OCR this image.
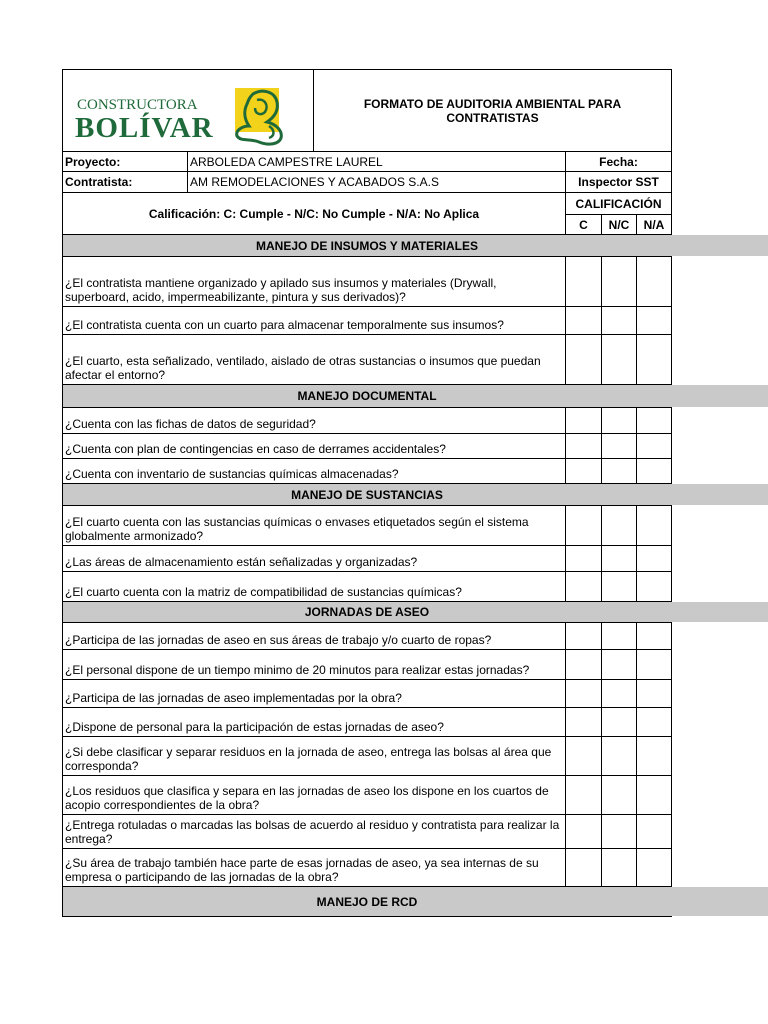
CONSTRUCTORA
BOLÍVAR
FORMATO DE AUDITORIA AMBIENTAL PARA CONTRATISTAS
Proyecto:	ARBOLEDA CAMPESTRE LAUREL	Fecha:
Contratista:	AM REMODELACIONES Y ACABADOS S.A.S	Inspector SST
Calificación: C: Cumple - N/C: No Cumple - N/A: No Aplica
CALIFICACIÓN
C	N/C	N/A
MANEJO DE INSUMOS Y MATERIALES
¿El contratista mantiene organizado y apilado sus insumos y materiales (Drywall, superboard, acido, impermeabilizante, pintura y sus derivados)?
¿El contratista cuenta con un cuarto para almacenar temporalmente sus insumos?
¿El cuarto, esta señalizado, ventilado, aislado de otras sustancias o insumos que puedan afectar el entorno?
MANEJO DOCUMENTAL
¿Cuenta con las fichas de datos de seguridad?
¿Cuenta con plan de contingencias en caso de derrames accidentales?
¿Cuenta con inventario de sustancias químicas almacenadas?
MANEJO DE SUSTANCIAS
¿El cuarto cuenta con las sustancias químicas o envases etiquetados según el sistema globalmente armonizado?
¿Las áreas de almacenamiento están señalizadas y organizadas?
¿El cuarto cuenta con la matriz de compatibilidad de sustancias químicas?
JORNADAS DE ASEO
¿Participa de las jornadas de aseo en sus áreas de trabajo y/o cuarto de ropas?
¿El personal dispone de un tiempo minimo de 20 minutos para realizar estas jornadas?
¿Participa de las jornadas de aseo implementadas por la obra?
¿Dispone de personal para la participación de estas jornadas de aseo?
¿Si debe clasificar y separar residuos en la jornada de aseo, entrega las bolsas al área que corresponda?
¿Los residuos que clasifica y separa en las jornadas de aseo los dispone en los cuartos de acopio correspondientes de la obra?
¿Entrega rotuladas o marcadas las bolsas de acuerdo al residuo y contratista para realizar la entrega?
¿Su área de trabajo también hace parte de esas jornadas de aseo, ya sea internas de su empresa o participando de las jornadas de la obra?
MANEJO DE RCD
